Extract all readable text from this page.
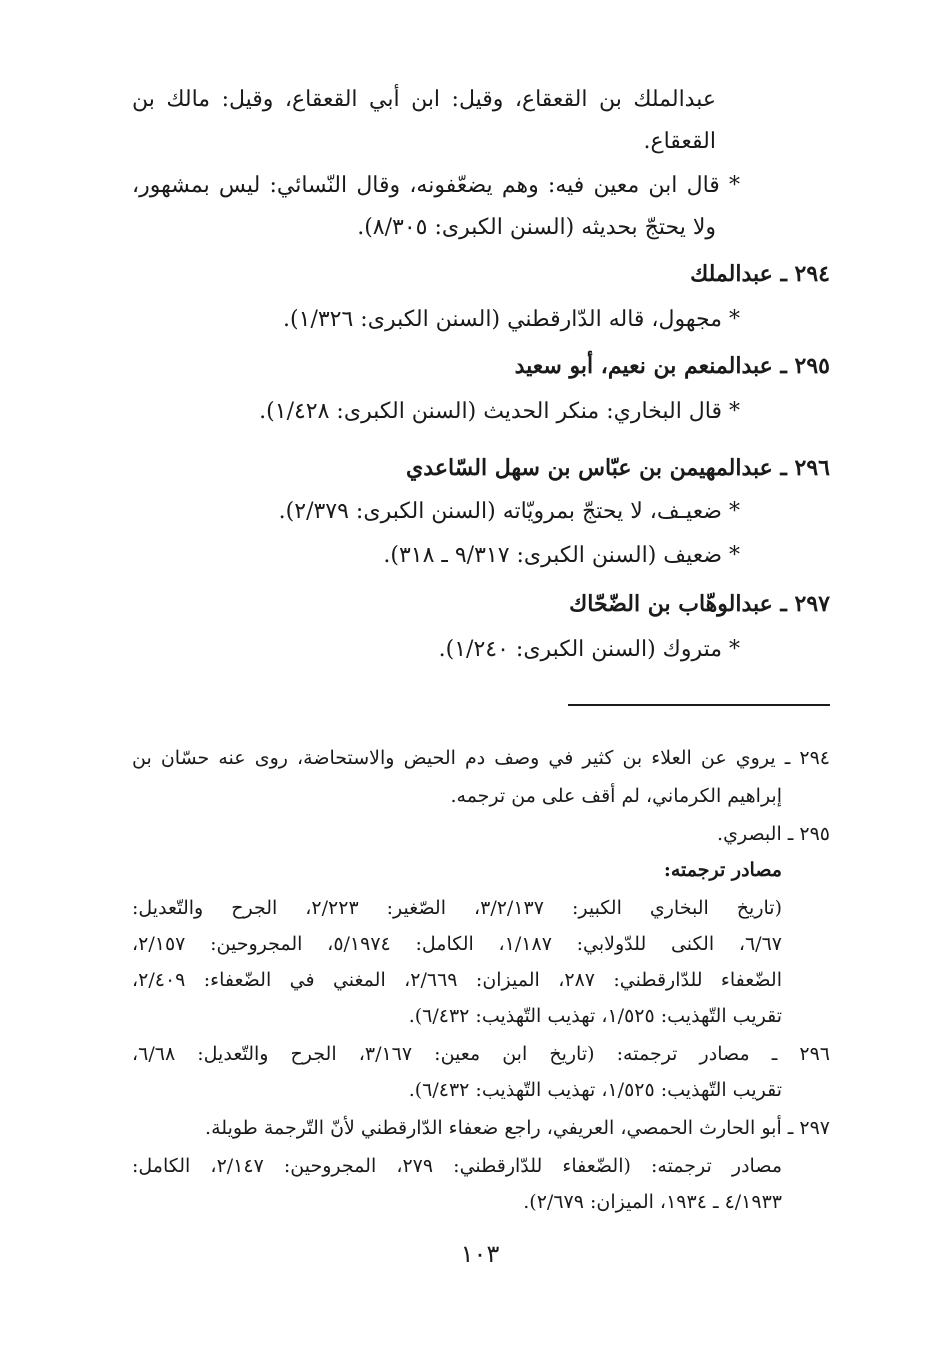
عبدالملك بن القعقاع، وقيل: ابن أبي القعقاع، وقيل: مالك بن
القعقاع.
* قال ابن معين فيه: وهم يضعّفونه، وقال النّسائي: ليس بمشهور،
ولا يحتجّ بحديثه (السنن الكبرى: ٨/٣٠٥).
٢٩٤ ـ عبدالملك
* مجهول، قاله الدّارقطني (السنن الكبرى: ١/٣٢٦).
٢٩٥ ـ عبدالمنعم بن نعيم، أبو سعيد
* قال البخاري: منكر الحديث (السنن الكبرى: ١/٤٢٨).
٢٩٦ ـ عبدالمهيمن بن عبّاس بن سهل السّاعدي
* ضعيـف، لا يحتجّ بمرويّاته (السنن الكبرى: ٢/٣٧٩).
* ضعيف (السنن الكبرى: ٩/٣١٧ ـ ٣١٨).
٢٩٧ ـ عبدالوهّاب بن الضّحّاك
* متروك (السنن الكبرى: ١/٢٤٠).
٢٩٤ ـ يروي عن العلاء بن كثير في وصف دم الحيض والاستحاضة، روى عنه حسّان بن
إبراهيم الكرماني، لم أقف على من ترجمه.
٢٩٥ ـ البصري.
مصادر ترجمته:
(تاريخ البخاري الكبير: ٣/٢/١٣٧، الصّغير: ٢/٢٢٣، الجرح والتّعديل:
٦/٦٧، الكنى للدّولابي: ١/١٨٧، الكامل: ٥/١٩٧٤، المجروحين: ٢/١٥٧،
الضّعفاء للدّارقطني: ٢٨٧، الميزان: ٢/٦٦٩، المغني في الضّعفاء: ٢/٤٠٩،
تقريب التّهذيب: ١/٥٢٥، تهذيب التّهذيب: ٦/٤٣٢).
٢٩٦ ـ مصادر ترجمته: (تاريخ ابن معين: ٣/١٦٧، الجرح والتّعديل: ٦/٦٨،
تقريب التّهذيب: ١/٥٢٥، تهذيب التّهذيب: ٦/٤٣٢).
٢٩٧ ـ أبو الحارث الحمصي، العريفي، راجع ضعفاء الدّارقطني لأنّ التّرجمة طويلة.
مصادر ترجمته: (الضّعفاء للدّارقطني: ٢٧٩، المجروحين: ٢/١٤٧، الكامل:
٤/١٩٣٣ ـ ١٩٣٤، الميزان: ٢/٦٧٩).
١٠٣
